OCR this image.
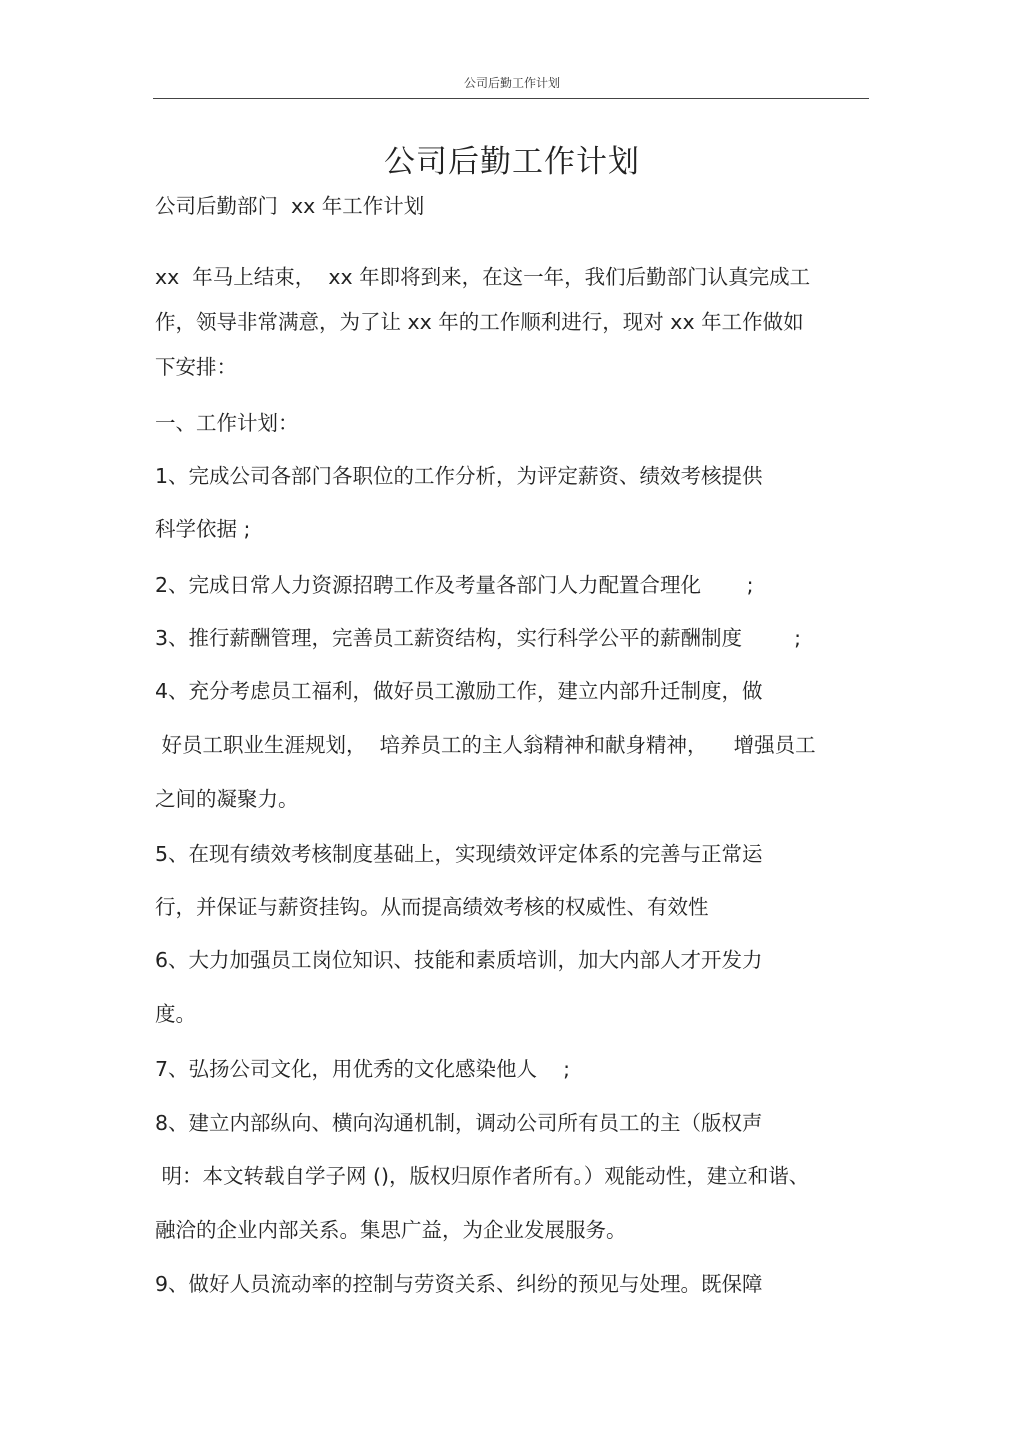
公司后勤工作计划
公司后勤工作计划
公司后勤部门  xx 年工作计划
xx  年马上结束，  xx 年即将到来，在这一年，我们后勤部门认真完成工
作，领导非常满意，为了让 xx 年的工作顺利进行，现对 xx 年工作做如
下安排：
一、工作计划：
1、完成公司各部门各职位的工作分析，为评定薪资、绩效考核提供
科学依据 ;
2、完成日常人力资源招聘工作及考量各部门人力配置合理化       ;
3、推行薪酬管理，完善员工薪资结构，实行科学公平的薪酬制度        ;
4、充分考虑员工福利，做好员工激励工作，建立内部升迁制度，做
好员工职业生涯规划，  培养员工的主人翁精神和献身精神，    增强员工
之间的凝聚力。
5、在现有绩效考核制度基础上，实现绩效评定体系的完善与正常运
行，并保证与薪资挂钩。从而提高绩效考核的权威性、有效性
6、大力加强员工岗位知识、技能和素质培训，加大内部人才开发力
度。
7、弘扬公司文化，用优秀的文化感染他人    ;
8、建立内部纵向、横向沟通机制，调动公司所有员工的主（版权声
明：本文转载自学子网 ()，版权归原作者所有。）观能动性，建立和谐、
融洽的企业内部关系。集思广益，为企业发展服务。
9、做好人员流动率的控制与劳资关系、纠纷的预见与处理。既保障
